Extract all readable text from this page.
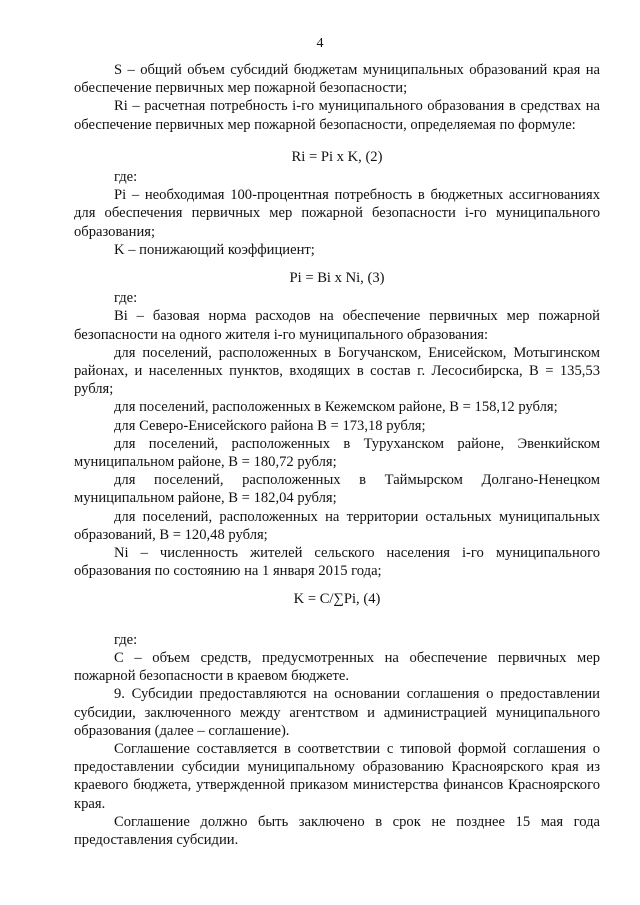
4

S – общий объем субсидий бюджетам муниципальных образований края на обеспечение первичных мер пожарной безопасности;

Ri – расчетная потребность i-го муниципального образования в средствах на обеспечение первичных мер пожарной безопасности, определяемая по формуле:

Ri = Pi x K, (2)

где:

Pi – необходимая 100-процентная потребность в бюджетных ассигнованиях для обеспечения первичных мер пожарной безопасности i-го муниципального образования;

K – понижающий коэффициент;

Pi = Bi x Ni, (3)

где:

Bi – базовая норма расходов на обеспечение первичных мер пожарной безопасности на одного жителя i-го муниципального образования:

для поселений, расположенных в Богучанском, Енисейском, Мотыгинском районах, и населенных пунктов, входящих в состав г. Лесосибирска, B = 135,53 рубля;

для поселений, расположенных в Кежемском районе, B = 158,12 рубля;

для Северо-Енисейского района B = 173,18 рубля;

для поселений, расположенных в Туруханском районе, Эвенкийском муниципальном районе, B = 180,72 рубля;

для поселений, расположенных в Таймырском Долгано-Ненецком муниципальном районе, B = 182,04 рубля;

для поселений, расположенных на территории остальных муниципальных образований, B = 120,48 рубля;

Ni – численность жителей сельского населения i-го муниципального образования по состоянию на 1 января 2015 года;

K = C/∑Pi, (4)

где:

C – объем средств, предусмотренных на обеспечение первичных мер пожарной безопасности в краевом бюджете.

9. Субсидии предоставляются на основании соглашения о предоставлении субсидии, заключенного между агентством и администрацией муниципального образования (далее – соглашение).

Соглашение составляется в соответствии с типовой формой соглашения о предоставлении субсидии муниципальному образованию Красноярского края из краевого бюджета, утвержденной приказом министерства финансов Красноярского края.

Соглашение должно быть заключено в срок не позднее 15 мая года предоставления субсидии.
